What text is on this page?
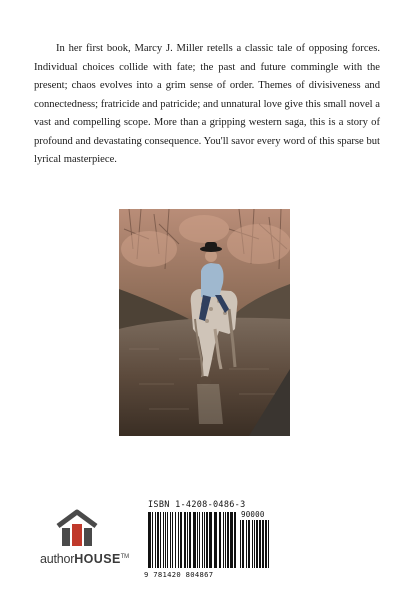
In her first book, Marcy J. Miller retells a classic tale of opposing forces. Individual choices collide with fate; the past and future commingle with the present; chaos evolves into a grim sense of order. Themes of divisiveness and connectedness; fratricide and patricide; and unnatural love give this small novel a vast and compelling scope. More than a gripping western saga, this is a story of profound and devastating consequence. You'll savor every word of this sparse but lyrical masterpiece.

authorHOUSE™
ISBN 1-4208-0486-3
90000
9 781420 804867
